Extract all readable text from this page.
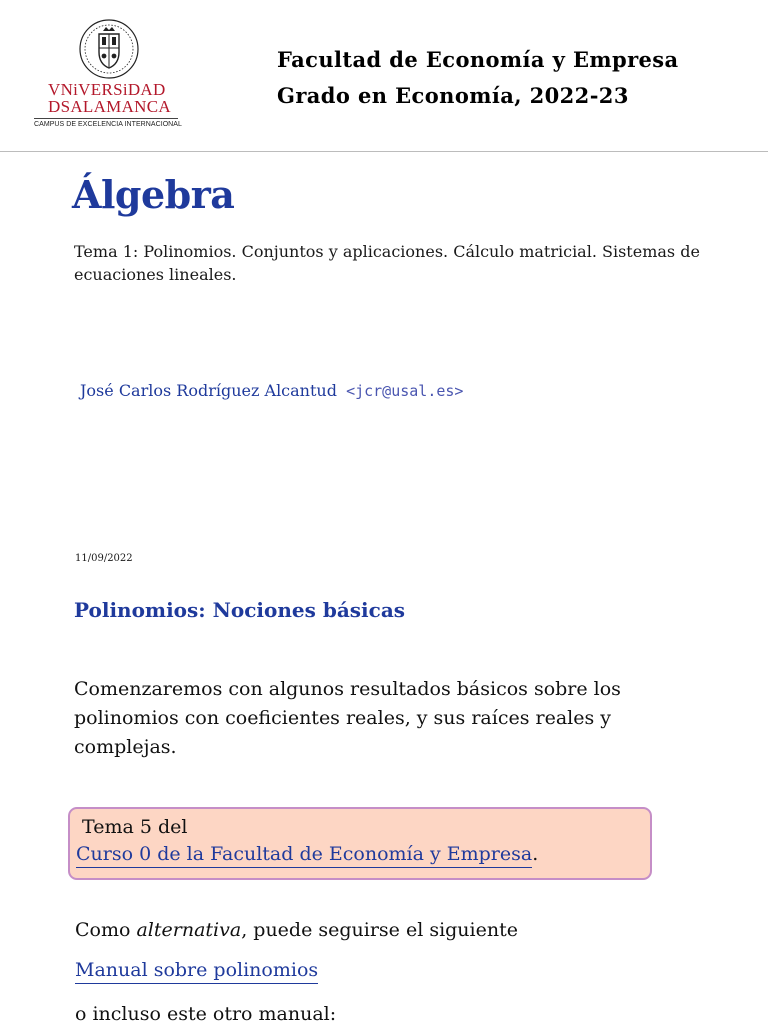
VNiVERSiDAD
DSALAMANCA
CAMPUS DE EXCELENCIA INTERNACIONAL
Facultad de Economía y Empresa
Grado en Economía, 2022-23
Álgebra
Tema 1: Polinomios. Conjuntos y aplicaciones. Cálculo matricial. Sistemas de ecuaciones lineales.
José Carlos Rodríguez Alcantud <jcr@usal.es>
11/09/2022
Polinomios: Nociones básicas
Comenzaremos con algunos resultados básicos sobre los polinomios con coeficientes reales, y sus raíces reales y complejas.
Tema 5 del
Curso 0 de la Facultad de Economía y Empresa.
Como alternativa, puede seguirse el siguiente
Manual sobre polinomios
o incluso este otro manual:
